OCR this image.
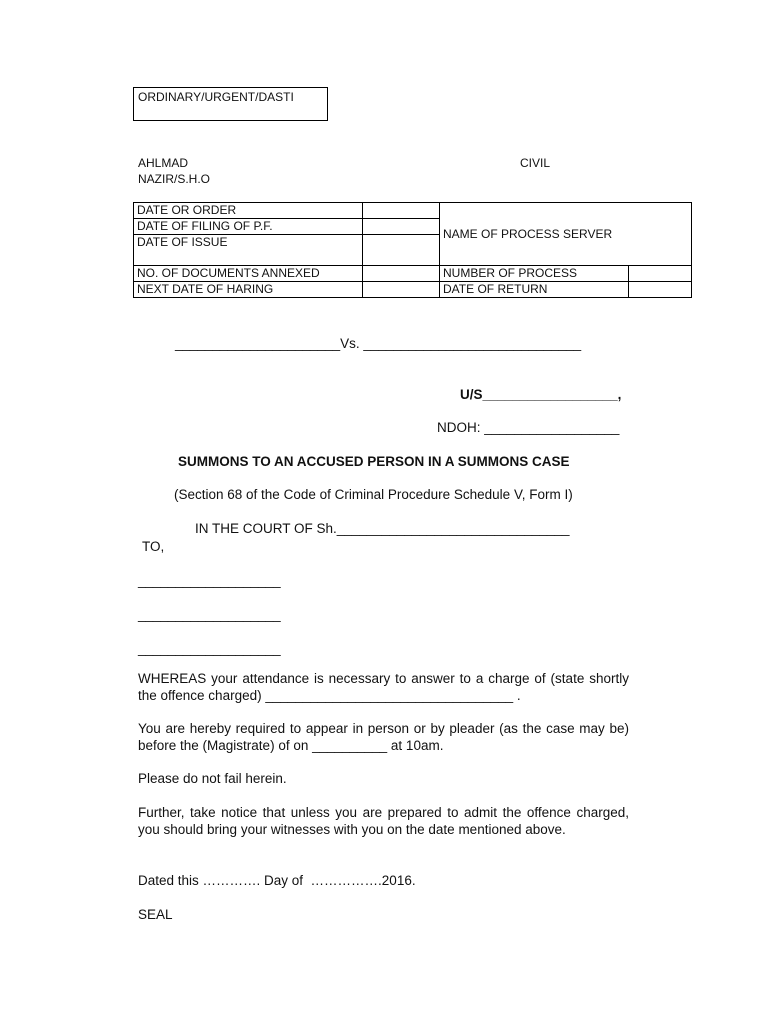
ORDINARY/URGENT/DASTI
AHLMAD
NAZIR/S.H.O
CIVIL
DATE OR ORDER		NAME OF PROCESS SERVER	
DATE OF FILING OF P.F.			
DATE OF ISSUE			
NO. OF DOCUMENTS ANNEXED		NUMBER OF PROCESS	
NEXT DATE OF HARING		DATE OF RETURN	
______________________Vs. _____________________________
U/S__________________,
NDOH: __________________
SUMMONS TO AN ACCUSED PERSON IN A SUMMONS CASE
(Section 68 of the Code of Criminal Procedure Schedule V, Form I)
IN THE COURT OF Sh._______________________________
TO,
___________________
___________________
___________________
WHEREAS your attendance is necessary to answer to a charge of (state shortly the offence charged) _________________________________ .
You are hereby required to appear in person or by pleader (as the case may be) before the (Magistrate) of on __________ at 10am.
Please do not fail herein.
Further, take notice that unless you are prepared to admit the offence charged, you should bring your witnesses with you on the date mentioned above.
Dated this …………. Day of  …………….2016.
SEAL
